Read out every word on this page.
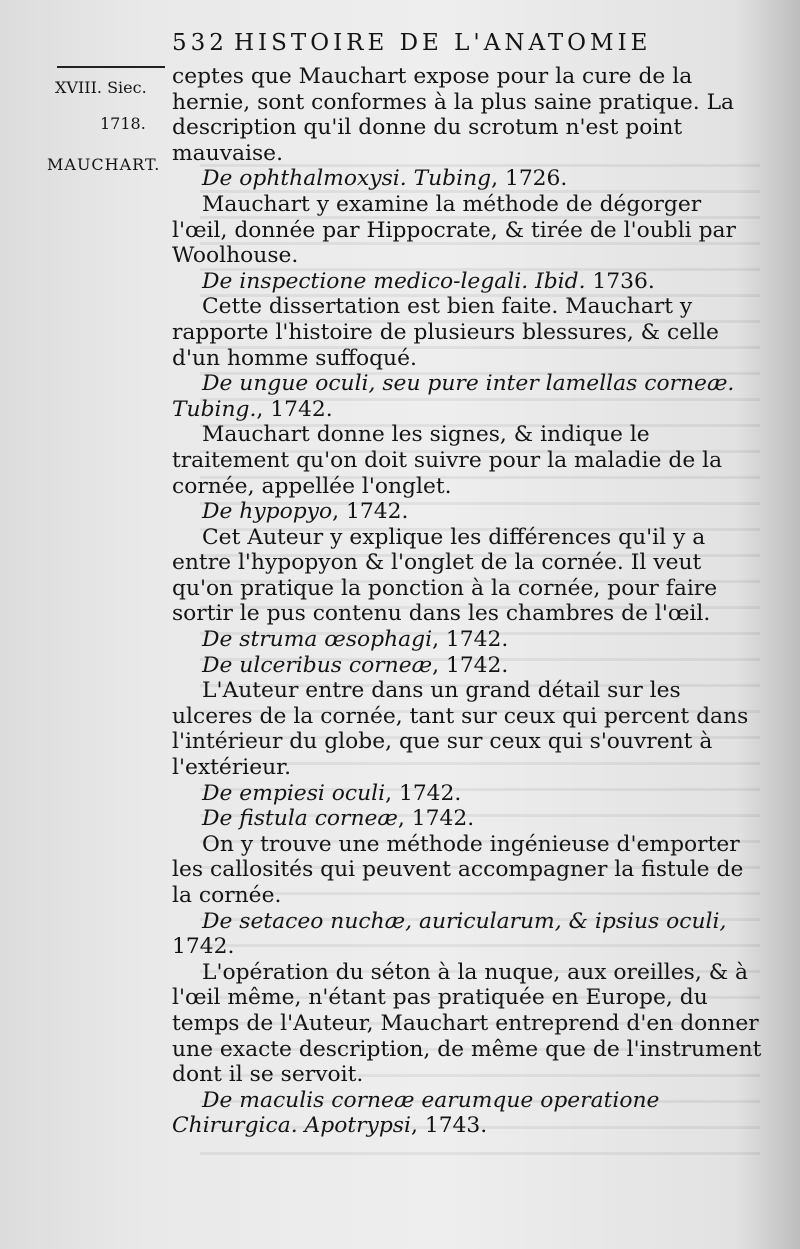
532 HISTOIRE DE L'ANATOMIE
XVIII. Siec.
1718.
MAUCHART.

ceptes que Mauchart expose pour la cure de la hernie, sont conformes à la plus saine pratique. La description qu'il donne du scrotum n'est point mauvaise.

De ophthalmoxysi. Tubing, 1726.

Mauchart y examine la méthode de dégorger l'œil, donnée par Hippocrate, & tirée de l'oubli par Woolhouse.

De inspectione medico-legali. Ibid. 1736.

Cette dissertation est bien faite. Mauchart y rapporte l'histoire de plusieurs blessures, & celle d'un homme suffoqué.

De ungue oculi, seu pure inter lamellas corneæ. Tubing., 1742.

Mauchart donne les signes, & indique le traitement qu'on doit suivre pour la maladie de la cornée, appellée l'onglet.

De hypopyo, 1742.

Cet Auteur y explique les différences qu'il y a entre l'hypopyon & l'onglet de la cornée. Il veut qu'on pratique la ponction à la cornée, pour faire sortir le pus contenu dans les chambres de l'œil.

De struma œsophagi, 1742.

De ulceribus corneæ, 1742.

L'Auteur entre dans un grand détail sur les ulceres de la cornée, tant sur ceux qui percent dans l'intérieur du globe, que sur ceux qui s'ouvrent à l'extérieur.

De empiesi oculi, 1742.

De fistula corneæ, 1742.

On y trouve une méthode ingénieuse d'emporter les callosités qui peuvent accompagner la fistule de la cornée.

De setaceo nuchæ, auricularum, & ipsius oculi,

1742.

L'opération du séton à la nuque, aux oreilles, & à l'œil même, n'étant pas pratiquée en Europe, du temps de l'Auteur, Mauchart entreprend d'en donner une exacte description, de même que de l'instrument dont il se servoit.

De maculis corneæ earumque operatione Chirurgica. Apotrypsi, 1743.
